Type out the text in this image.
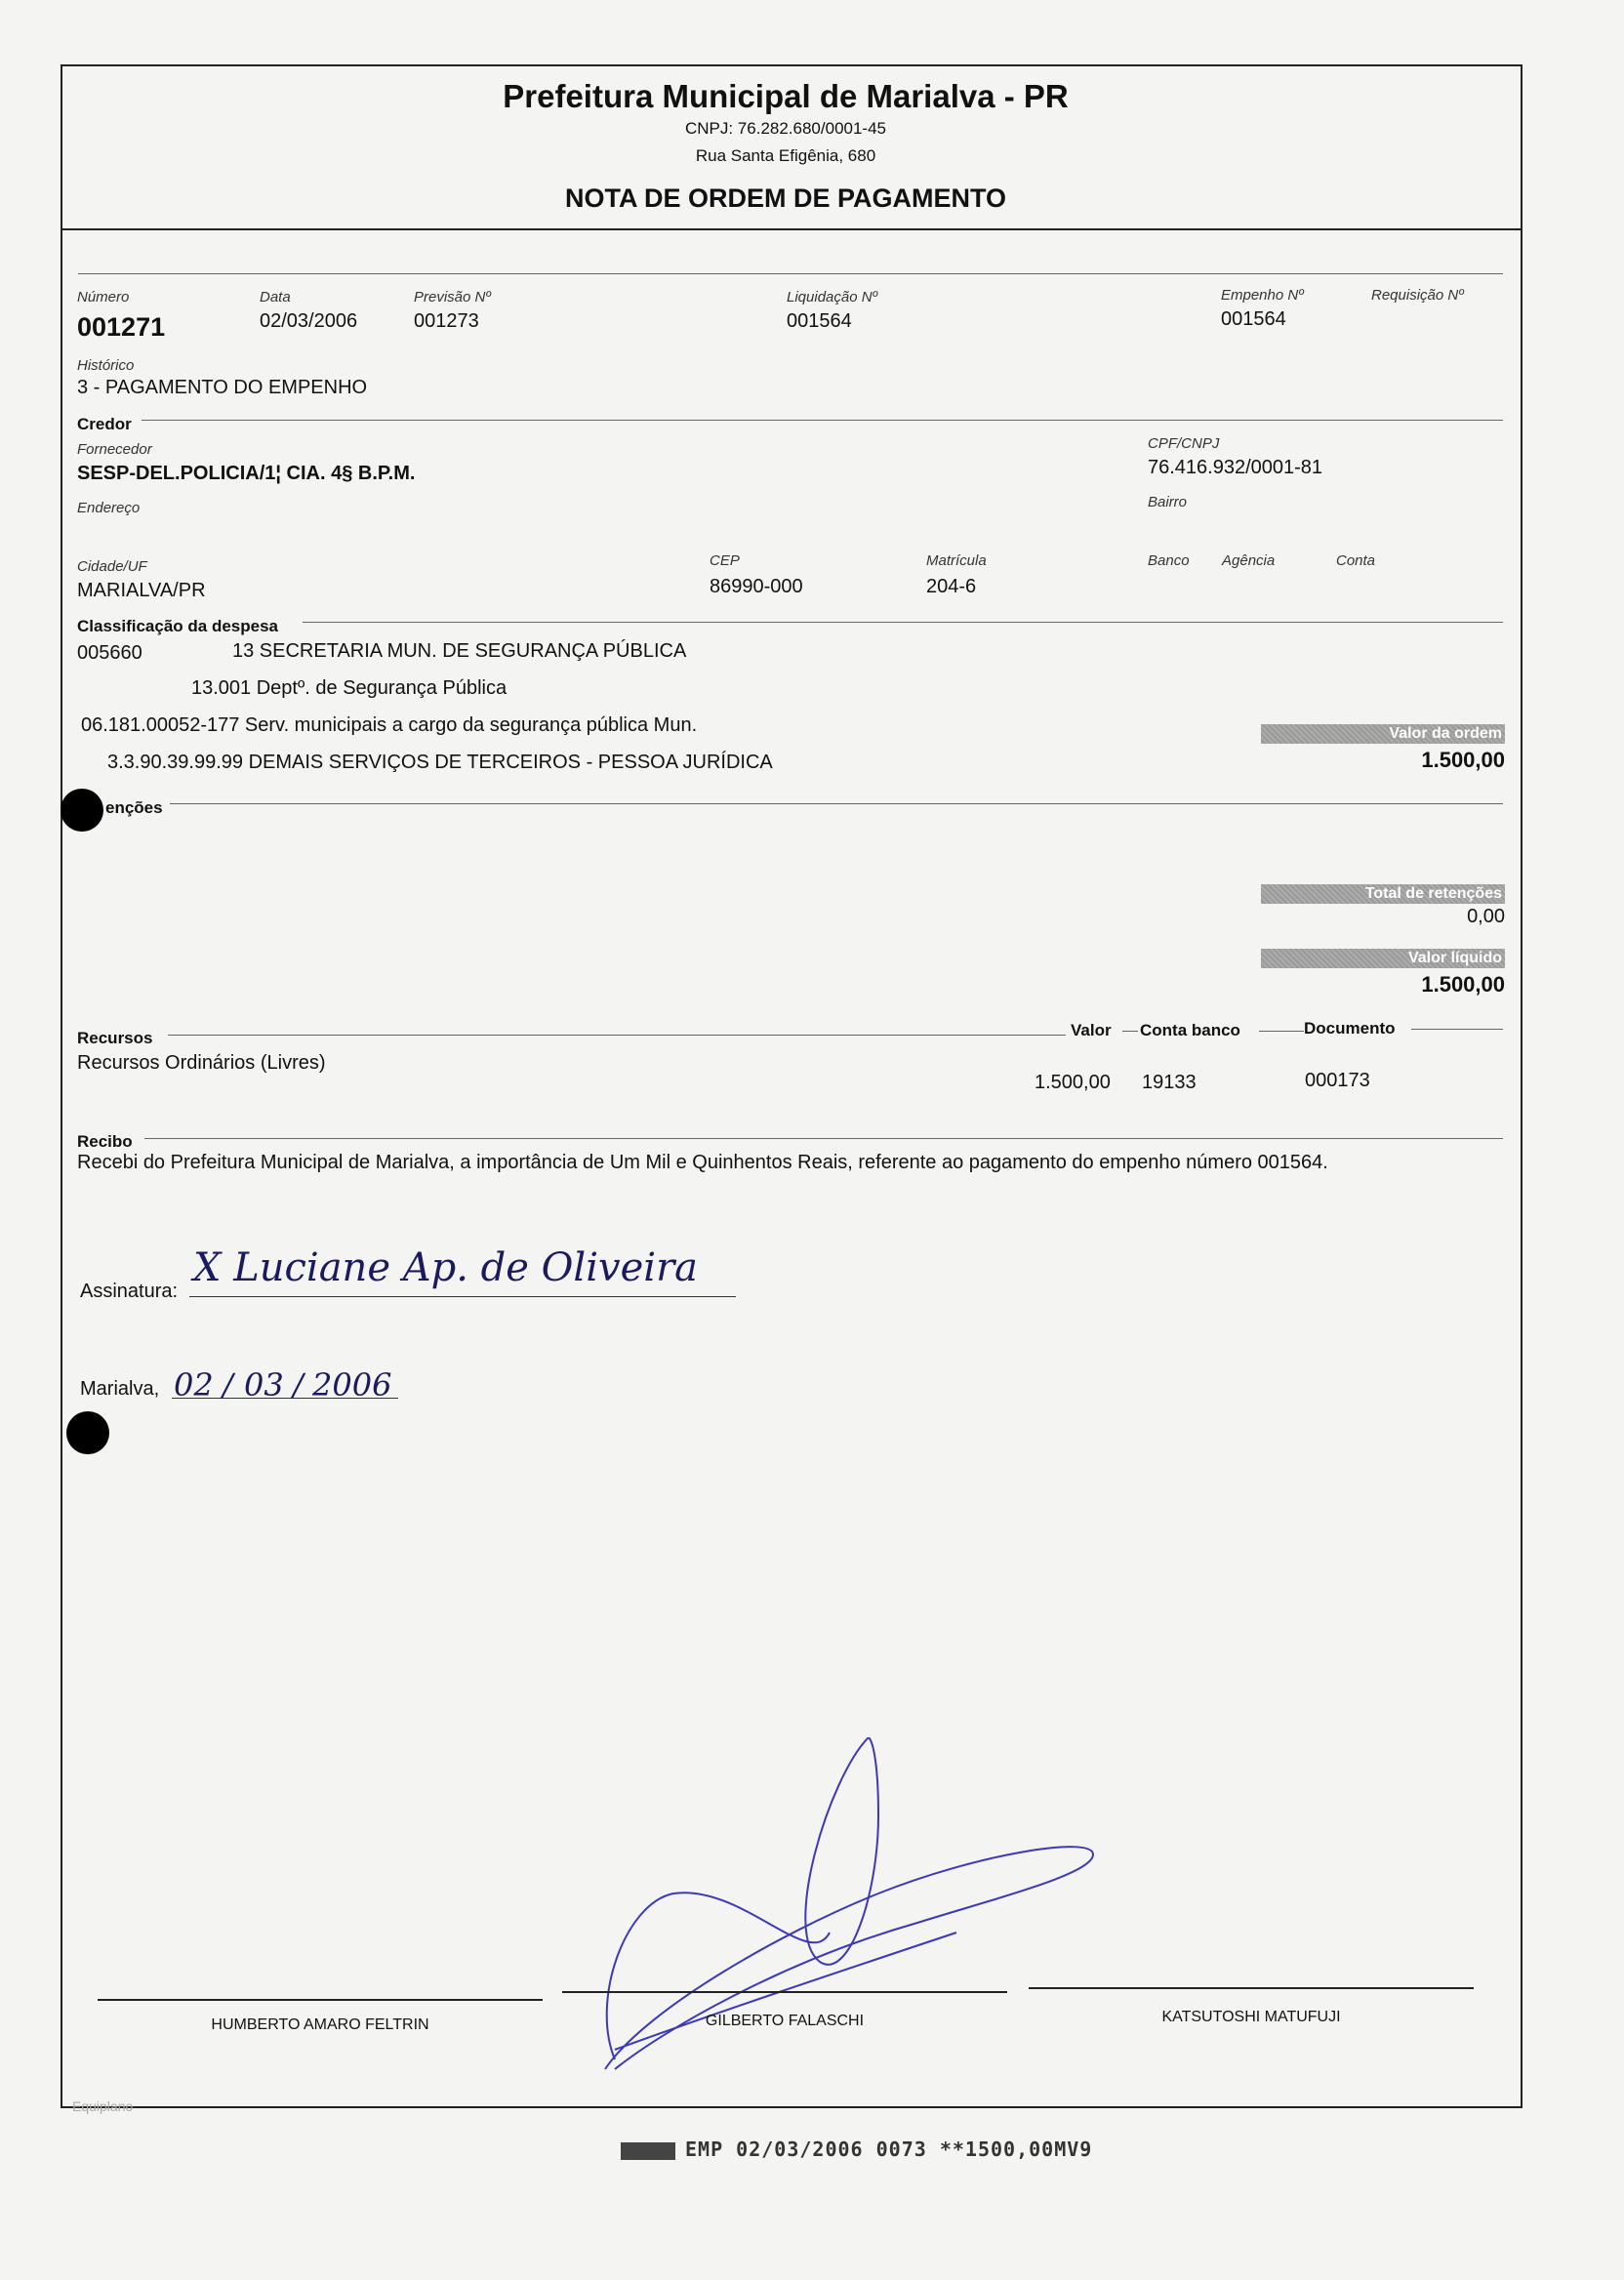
Prefeitura Municipal de Marialva - PR
CNPJ: 76.282.680/0001-45
Rua Santa Efigênia, 680
NOTA DE ORDEM DE PAGAMENTO
Número
001271
Data
02/03/2006
Previsão Nº
001273
Liquidação Nº
001564
Empenho Nº
001564
Requisição Nº
Histórico
3 - PAGAMENTO DO EMPENHO
Credor
Fornecedor
SESP-DEL.POLICIA/1¦ CIA. 4§ B.P.M.
CPF/CNPJ
76.416.932/0001-81
Endereço	Bairro
Cidade/UF
MARIALVA/PR
CEP
86990-000
Matrícula
204-6
Banco Agência	Conta
Classificação da despesa
005660	13 SECRETARIA MUN. DE SEGURANÇA PÚBLICA
13.001 Deptº. de Segurança Pública
06.181.00052-177 Serv. municipais a cargo da segurança pública Mun.
3.3.90.39.99.99 DEMAIS SERVIÇOS DE TERCEIROS - PESSOA JURÍDICA
Valor da ordem
1.500,00
enções
Total de retenções
0,00
Valor líquido
1.500,00
Recursos
Recursos Ordinários (Livres)
Valor Conta banco	Documento
1.500,00 19133	000173
Recibo
Recebi do Prefeitura Municipal de Marialva, a importância de Um Mil e Quinhentos Reais, referente ao pagamento do empenho número 001564.
Assinatura:
X Luciane Ap. de Oliveira
Marialva, 02 / 03 / 2006
HUMBERTO AMARO FELTRIN	GILBERTO FALASCHI	KATSUTOSHI MATUFUJI
Equiplano
EMP 02/03/2006 0073 **1500,00MV9
